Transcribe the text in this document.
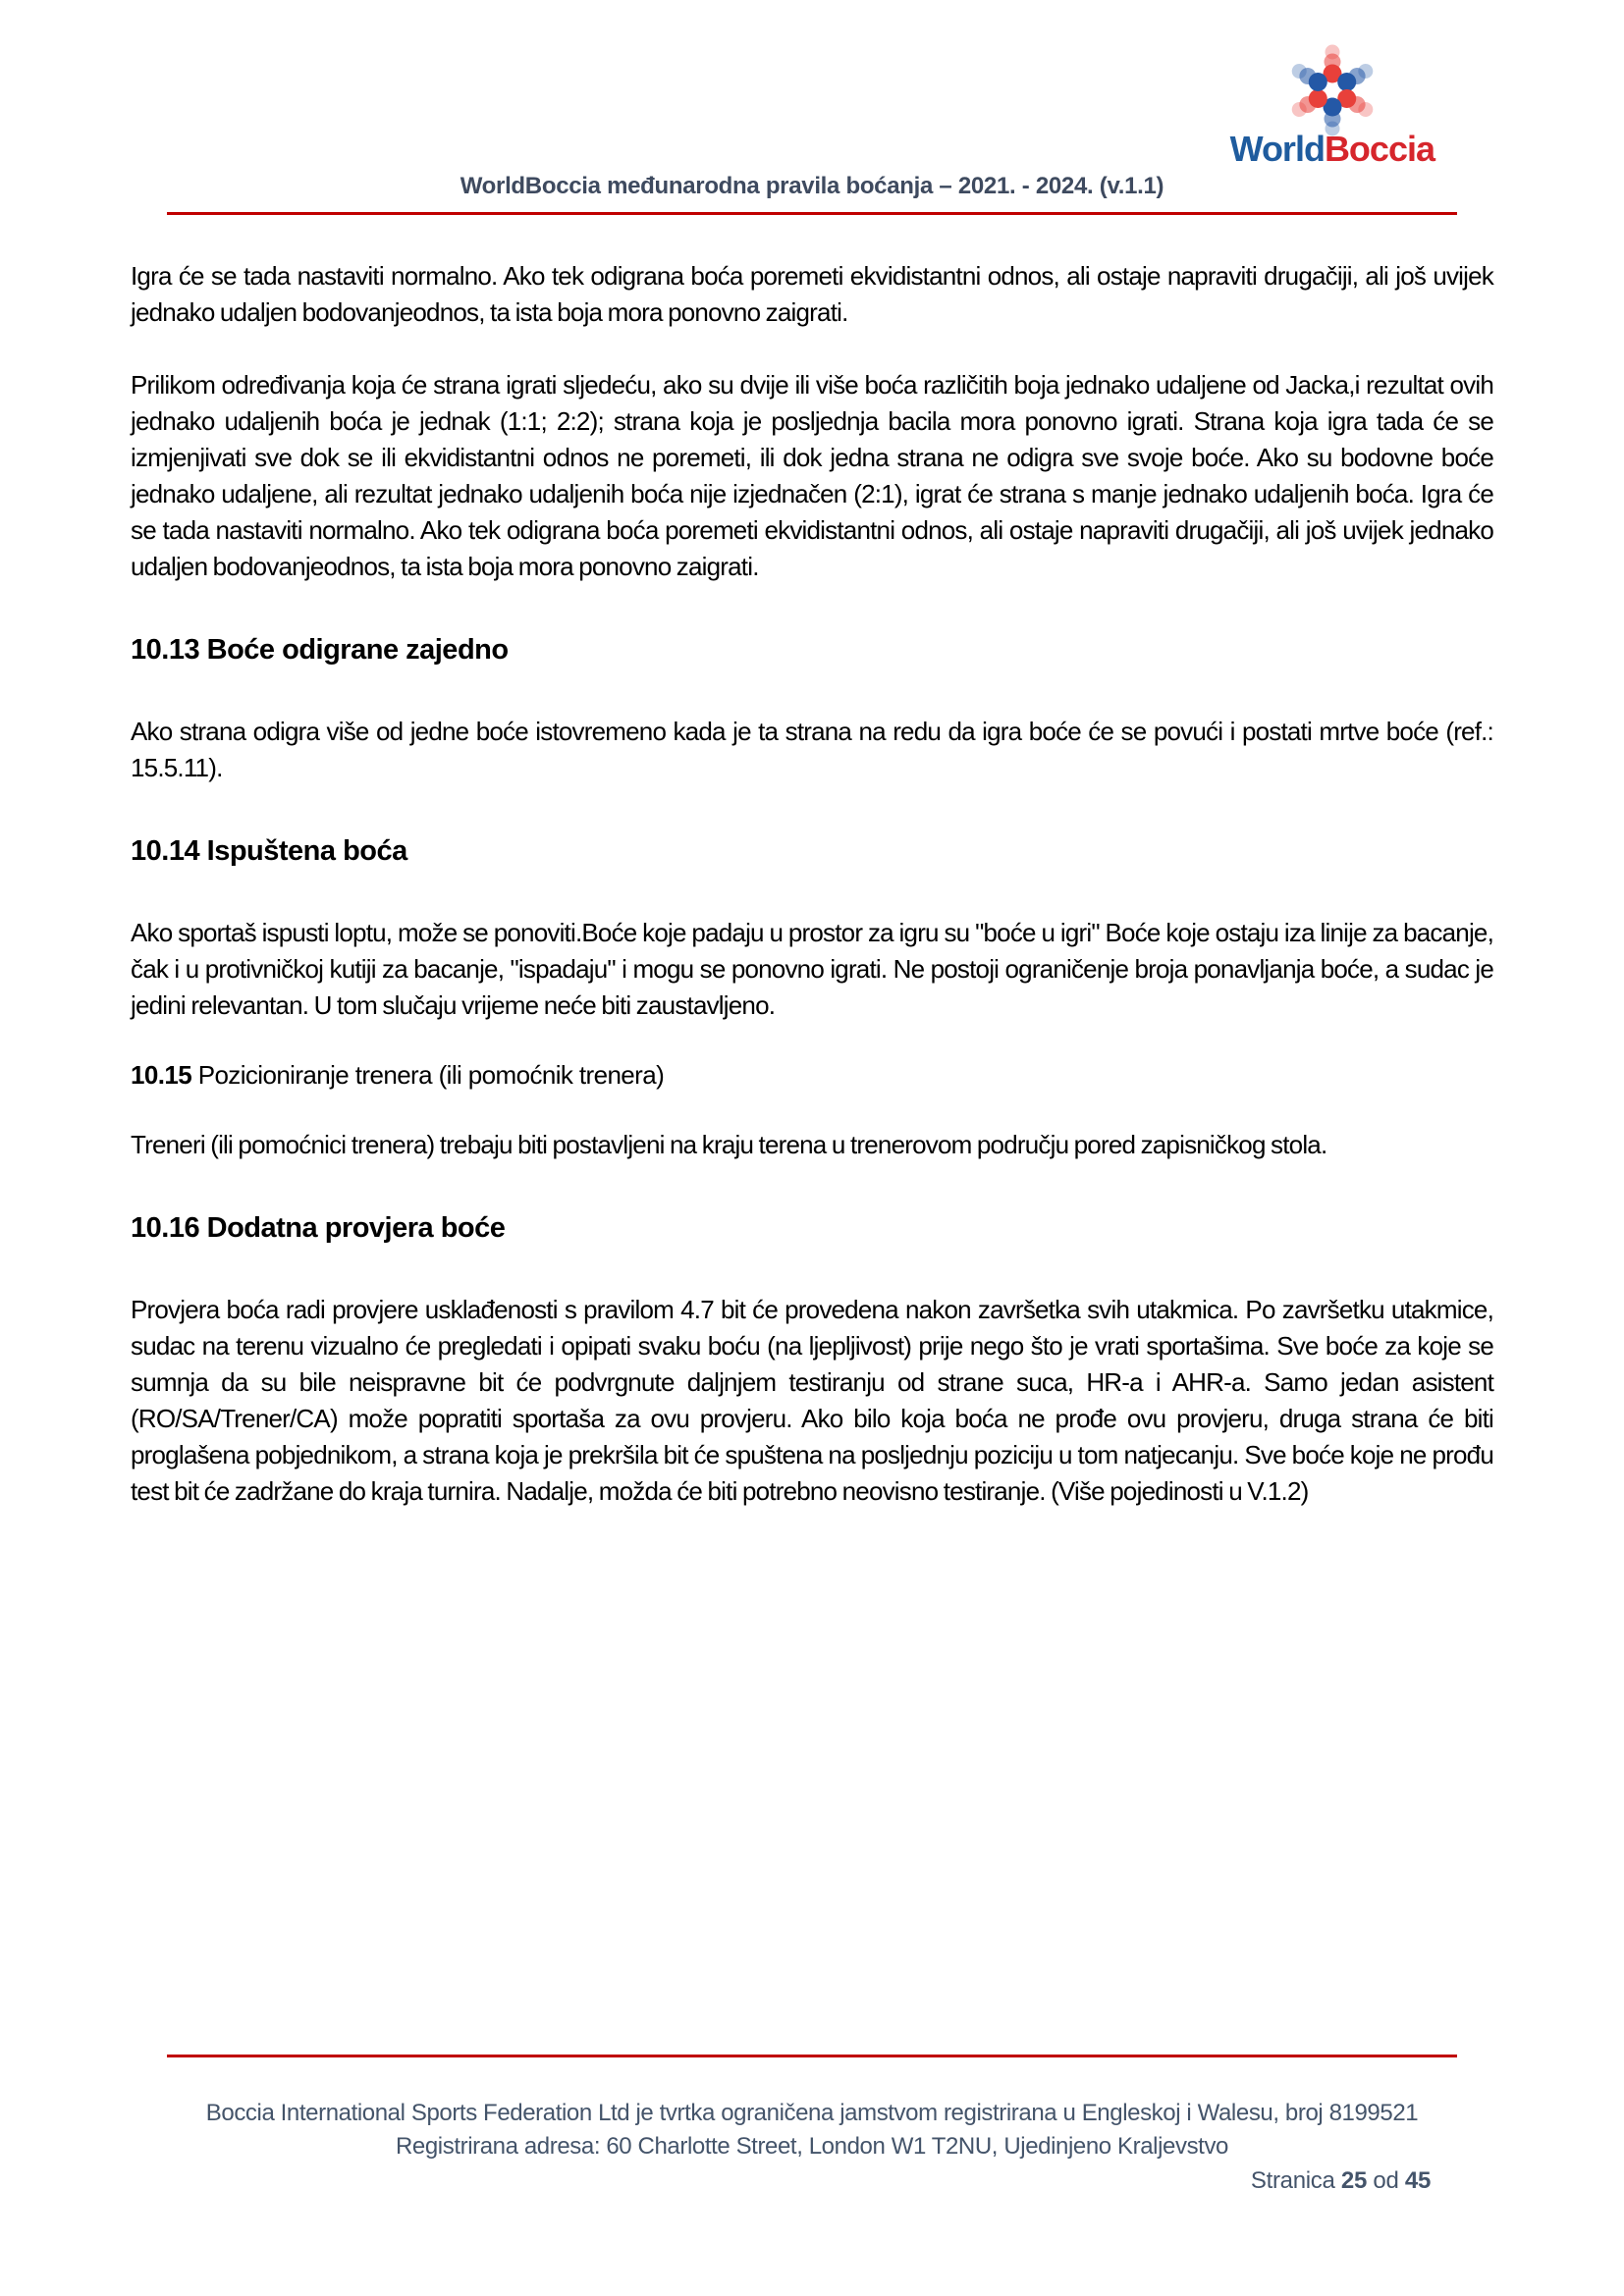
WorldBoccia
WorldBoccia međunarodna pravila boćanja – 2021. - 2024. (v.1.1)

Igra će se tada nastaviti normalno. Ako tek odigrana boća poremeti ekvidistantni odnos, ali ostaje napraviti drugačiji, ali još uvijek jednako udaljen bodovanjeodnos, ta ista boja mora ponovno zaigrati.

Prilikom određivanja koja će strana igrati sljedeću, ako su dvije ili više boća različitih boja jednako udaljene od Jacka,i rezultat ovih jednako udaljenih boća je jednak (1:1; 2:2); strana koja je posljednja bacila mora ponovno igrati. Strana koja igra tada će se izmjenjivati sve dok se ili ekvidistantni odnos ne poremeti, ili dok jedna strana ne odigra sve svoje boće. Ako su bodovne boće jednako udaljene, ali rezultat jednako udaljenih boća nije izjednačen (2:1), igrat će strana s manje jednako udaljenih boća. Igra će se tada nastaviti normalno. Ako tek odigrana boća poremeti ekvidistantni odnos, ali ostaje napraviti drugačiji, ali još uvijek jednako udaljen bodovanjeodnos, ta ista boja mora ponovno zaigrati.

10.13 Boće odigrane zajedno

Ako strana odigra više od jedne boće istovremeno kada je ta strana na redu da igra boće će se povući i postati mrtve boće (ref.: 15.5.11).

10.14 Ispuštena boća

Ako sportaš ispusti loptu, može se ponoviti.Boće koje padaju u prostor za igru su "boće u igri" Boće koje ostaju iza linije za bacanje, čak i u protivničkoj kutiji za bacanje, "ispadaju" i mogu se ponovno igrati. Ne postoji ograničenje broja ponavljanja boće, a sudac je jedini relevantan. U tom slučaju vrijeme neće biti zaustavljeno.

10.15 Pozicioniranje trenera (ili pomoćnik trenera)

Treneri (ili pomoćnici trenera) trebaju biti postavljeni na kraju terena u trenerovom području pored zapisničkog stola.

10.16 Dodatna provjera boće

Provjera boća radi provjere usklađenosti s pravilom 4.7 bit će provedena nakon završetka svih utakmica. Po završetku utakmice, sudac na terenu vizualno će pregledati i opipati svaku boću (na ljepljivost) prije nego što je vrati sportašima. Sve boće za koje se sumnja da su bile neispravne bit će podvrgnute daljnjem testiranju od strane suca, HR-a i AHR-a. Samo jedan asistent (RO/SA/Trener/CA) može popratiti sportaša za ovu provjeru. Ako bilo koja boća ne prođe ovu provjeru, druga strana će biti proglašena pobjednikom, a strana koja je prekršila bit će spuštena na posljednju poziciju u tom natjecanju. Sve boće koje ne prođu test bit će zadržane do kraja turnira. Nadalje, možda će biti potrebno neovisno testiranje. (Više pojedinosti u V.1.2)

Boccia International Sports Federation Ltd je tvrtka ograničena jamstvom registrirana u Engleskoj i Walesu, broj 8199521
Registrirana adresa: 60 Charlotte Street, London W1 T2NU, Ujedinjeno Kraljevstvo
Stranica 25 od 45
